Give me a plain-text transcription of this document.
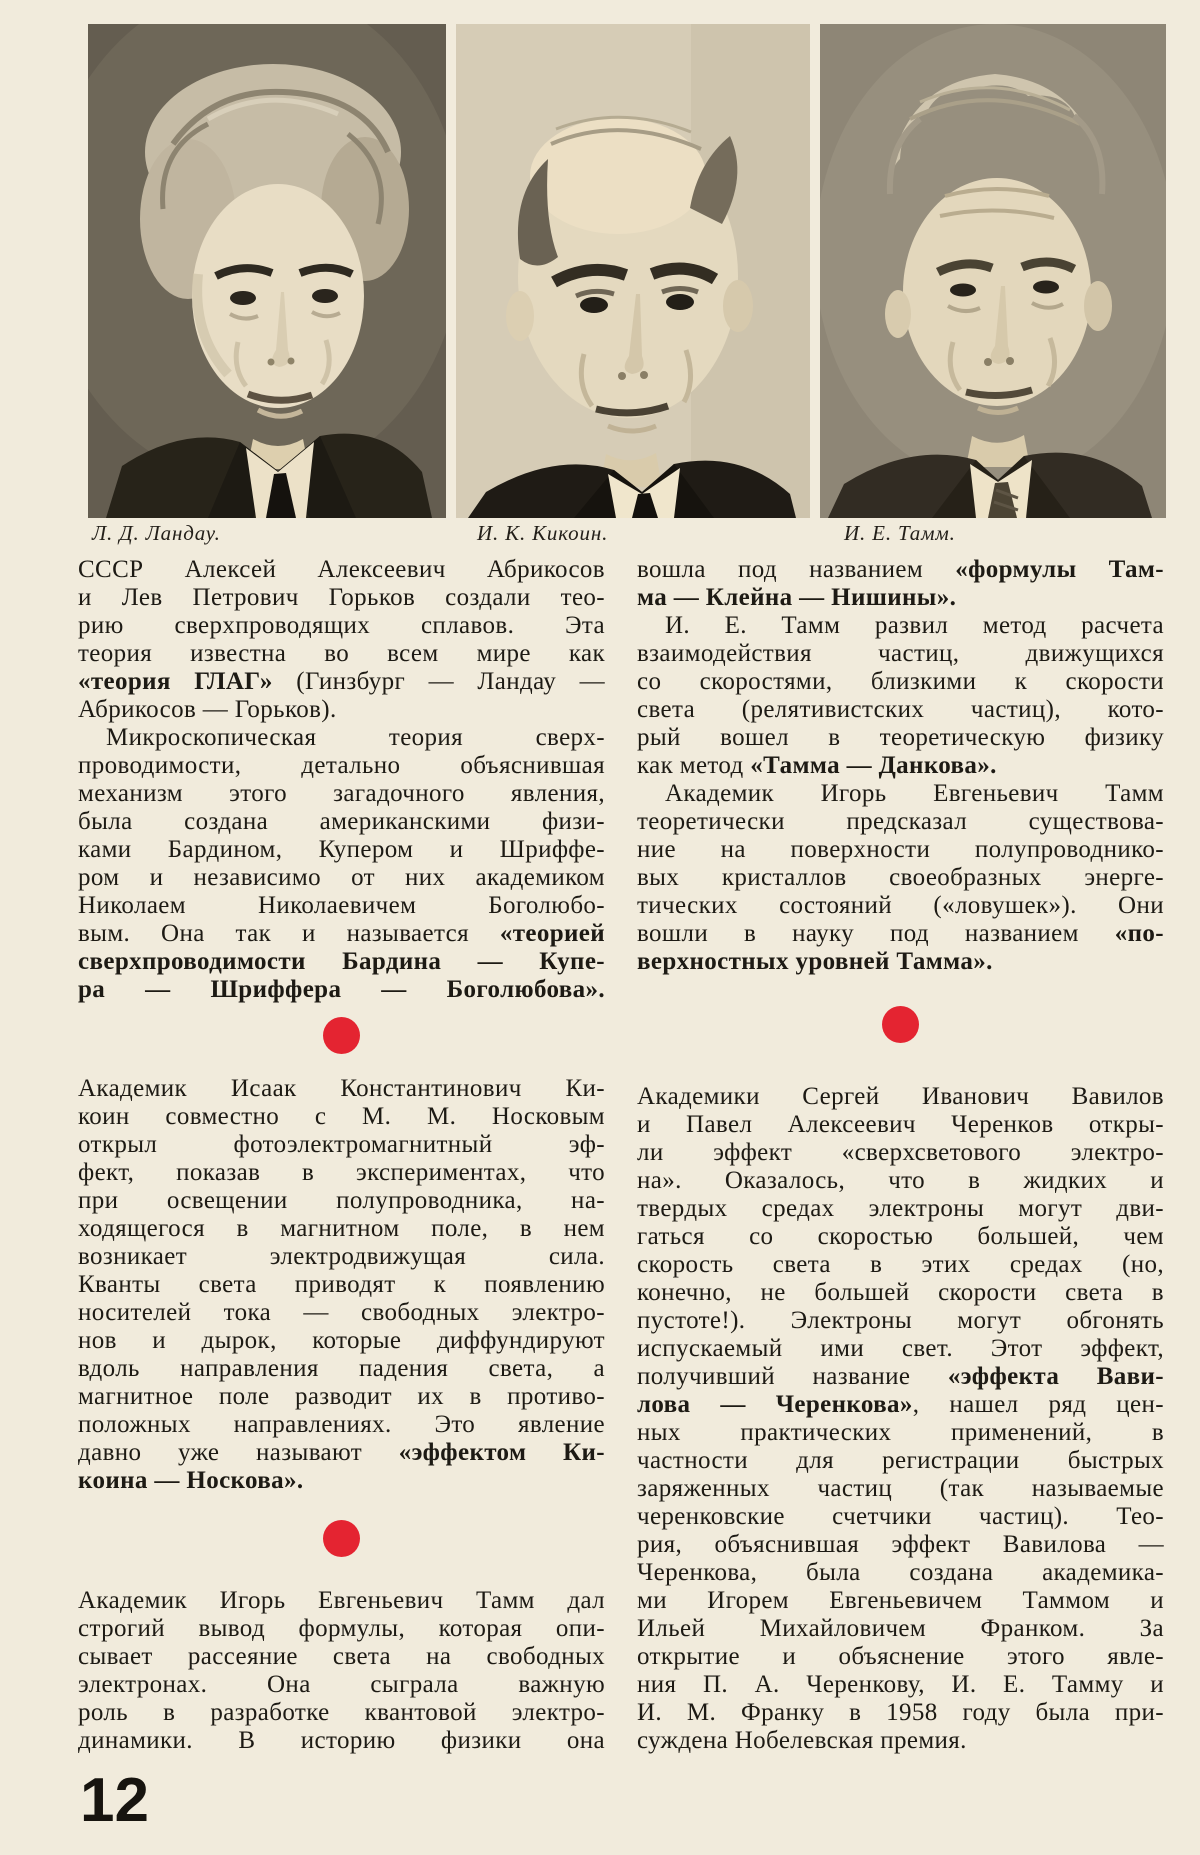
Л. Д. Ландау.	И. К. Кикоин.	И. Е. Тамм.
СССР Алексей Алексеевич Абрикосов
и Лев Петрович Горьков создали тео-
рию сверхпроводящих сплавов. Эта
теория известна во всем мире как
«теория ГЛАГ» (Гинзбург — Ландау —
Абрикосов — Горьков).
Микроскопическая теория сверх-
проводимости, детально объяснившая
механизм этого загадочного явления,
была создана американскими физи-
ками Бардином, Купером и Шриффе-
ром и независимо от них академиком
Николаем Николаевичем Боголюбо-
вым. Она так и называется «теорией
сверхпроводимости Бардина — Купе-
ра — Шриффера — Боголюбова».
Академик Исаак Константинович Ки-
коин совместно с М. М. Носковым
открыл фотоэлектромагнитный эф-
фект, показав в экспериментах, что
при освещении полупроводника, на-
ходящегося в магнитном поле, в нем
возникает электродвижущая сила.
Кванты света приводят к появлению
носителей тока — свободных электро-
нов и дырок, которые диффундируют
вдоль направления падения света, а
магнитное поле разводит их в противо-
положных направлениях. Это явление
давно уже называют «эффектом Ки-
коина — Носкова».
Академик Игорь Евгеньевич Тамм дал
строгий вывод формулы, которая опи-
сывает рассеяние света на свободных
электронах. Она сыграла важную
роль в разработке квантовой электро-
динамики. В историю физики она
вошла под названием «формулы Там-
ма — Клейна — Нишины».
И. Е. Тамм развил метод расчета
взаимодействия частиц, движущихся
со скоростями, близкими к скорости
света (релятивистских частиц), кото-
рый вошел в теоретическую физику
как метод «Тамма — Данкова».
Академик Игорь Евгеньевич Тамм
теоретически предсказал существова-
ние на поверхности полупроводнико-
вых кристаллов своеобразных энерге-
тических состояний («ловушек»). Они
вошли в науку под названием «по-
верхностных уровней Тамма».
Академики Сергей Иванович Вавилов
и Павел Алексеевич Черенков откры-
ли эффект «сверхсветового электро-
на». Оказалось, что в жидких и
твердых средах электроны могут дви-
гаться со скоростью большей, чем
скорость света в этих средах (но,
конечно, не большей скорости света в
пустоте!). Электроны могут обгонять
испускаемый ими свет. Этот эффект,
получивший название «эффекта Вави-
лова — Черенкова», нашел ряд цен-
ных практических применений, в
частности для регистрации быстрых
заряженных частиц (так называемые
черенковские счетчики частиц). Тео-
рия, объяснившая эффект Вавилова —
Черенкова, была создана академика-
ми Игорем Евгеньевичем Таммом и
Ильей Михайловичем Франком. За
открытие и объяснение этого явле-
ния П. А. Черенкову, И. Е. Тамму и
И. М. Франку в 1958 году была при-
суждена Нобелевская премия.
12
